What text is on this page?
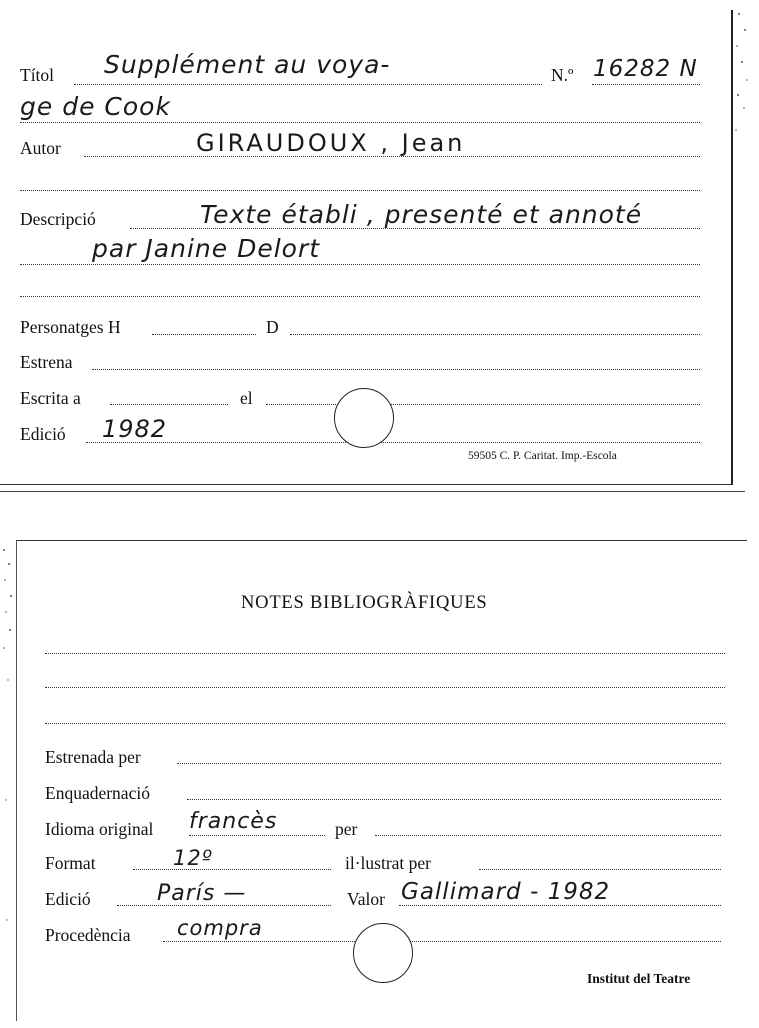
Títol Supplément au voya-	N.º 16282 N
ge de Cook
Autor	GIRAUDOUX , Jean
Descripció	Texte établi , presenté et annoté
par Janine Delort
Personatges H	D
Estrena
Escrita a	el
Edició 1982
59505 C. P. Caritat. Imp.-Escola
NOTES BIBLIOGRÀFIQUES
Estrenada per
Enquadernació
Idioma original francès	per
Format	12º	il·lustrat per
Edició	París —	Valor Gallimard - 1982
Procedència compra
Institut del Teatre
